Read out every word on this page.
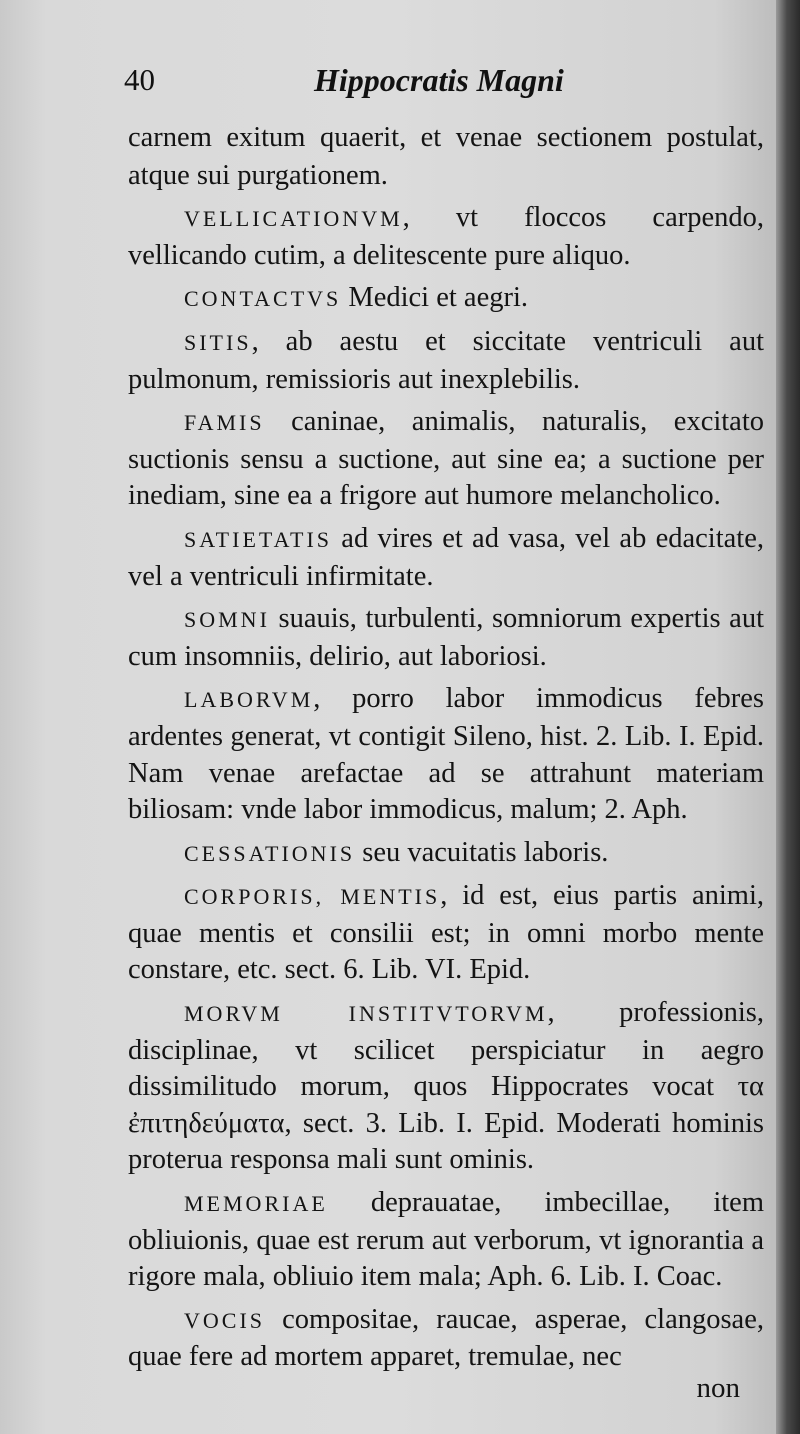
40	Hippocratis Magni

carnem exitum quaerit, et venae sectionem postulat, atque sui purgationem.

VELLICATIONVM, vt floccos carpendo, vellicando cutim, a delitescente pure aliquo.

CONTACTVS Medici et aegri.

SITIS, ab aestu et siccitate ventriculi aut pulmonum, remissioris aut inexplebilis.

FAMIS caninae, animalis, naturalis, excitato suctionis sensu a suctione, aut sine ea; a suctione per inediam, sine ea a frigore aut humore melancholico.

SATIETATIS ad vires et ad vasa, vel ab edacitate, vel a ventriculi infirmitate.

SOMNI suauis, turbulenti, somniorum expertis aut cum insomniis, delirio, aut laboriosi.

LABORVM, porro labor immodicus febres ardentes generat, vt contigit Sileno, hist. 2. Lib. I. Epid. Nam venae arefactae ad se attrahunt materiam biliosam: vnde labor immodicus, malum; 2. Aph.

CESSATIONIS seu vacuitatis laboris.

CORPORIS, MENTIS, id est, eius partis animi, quae mentis et consilii est; in omni morbo mente constare, etc. sect. 6. Lib. VI. Epid.

MORVM INSTITVTORVM, professionis, disciplinae, vt scilicet perspiciatur in aegro dissimilitudo morum, quos Hippocrates vocat τα ἐπιτηδεύματα, sect. 3. Lib. I. Epid. Moderati hominis proterua responsa mali sunt ominis.

MEMORIAE deprauatae, imbecillae, item obliuionis, quae est rerum aut verborum, vt ignorantia a rigore mala, obliuio item mala; Aph. 6. Lib. I. Coac.

VOCIS compositae, raucae, asperae, clangosae, quae fere ad mortem apparet, tremulae, nec

non
